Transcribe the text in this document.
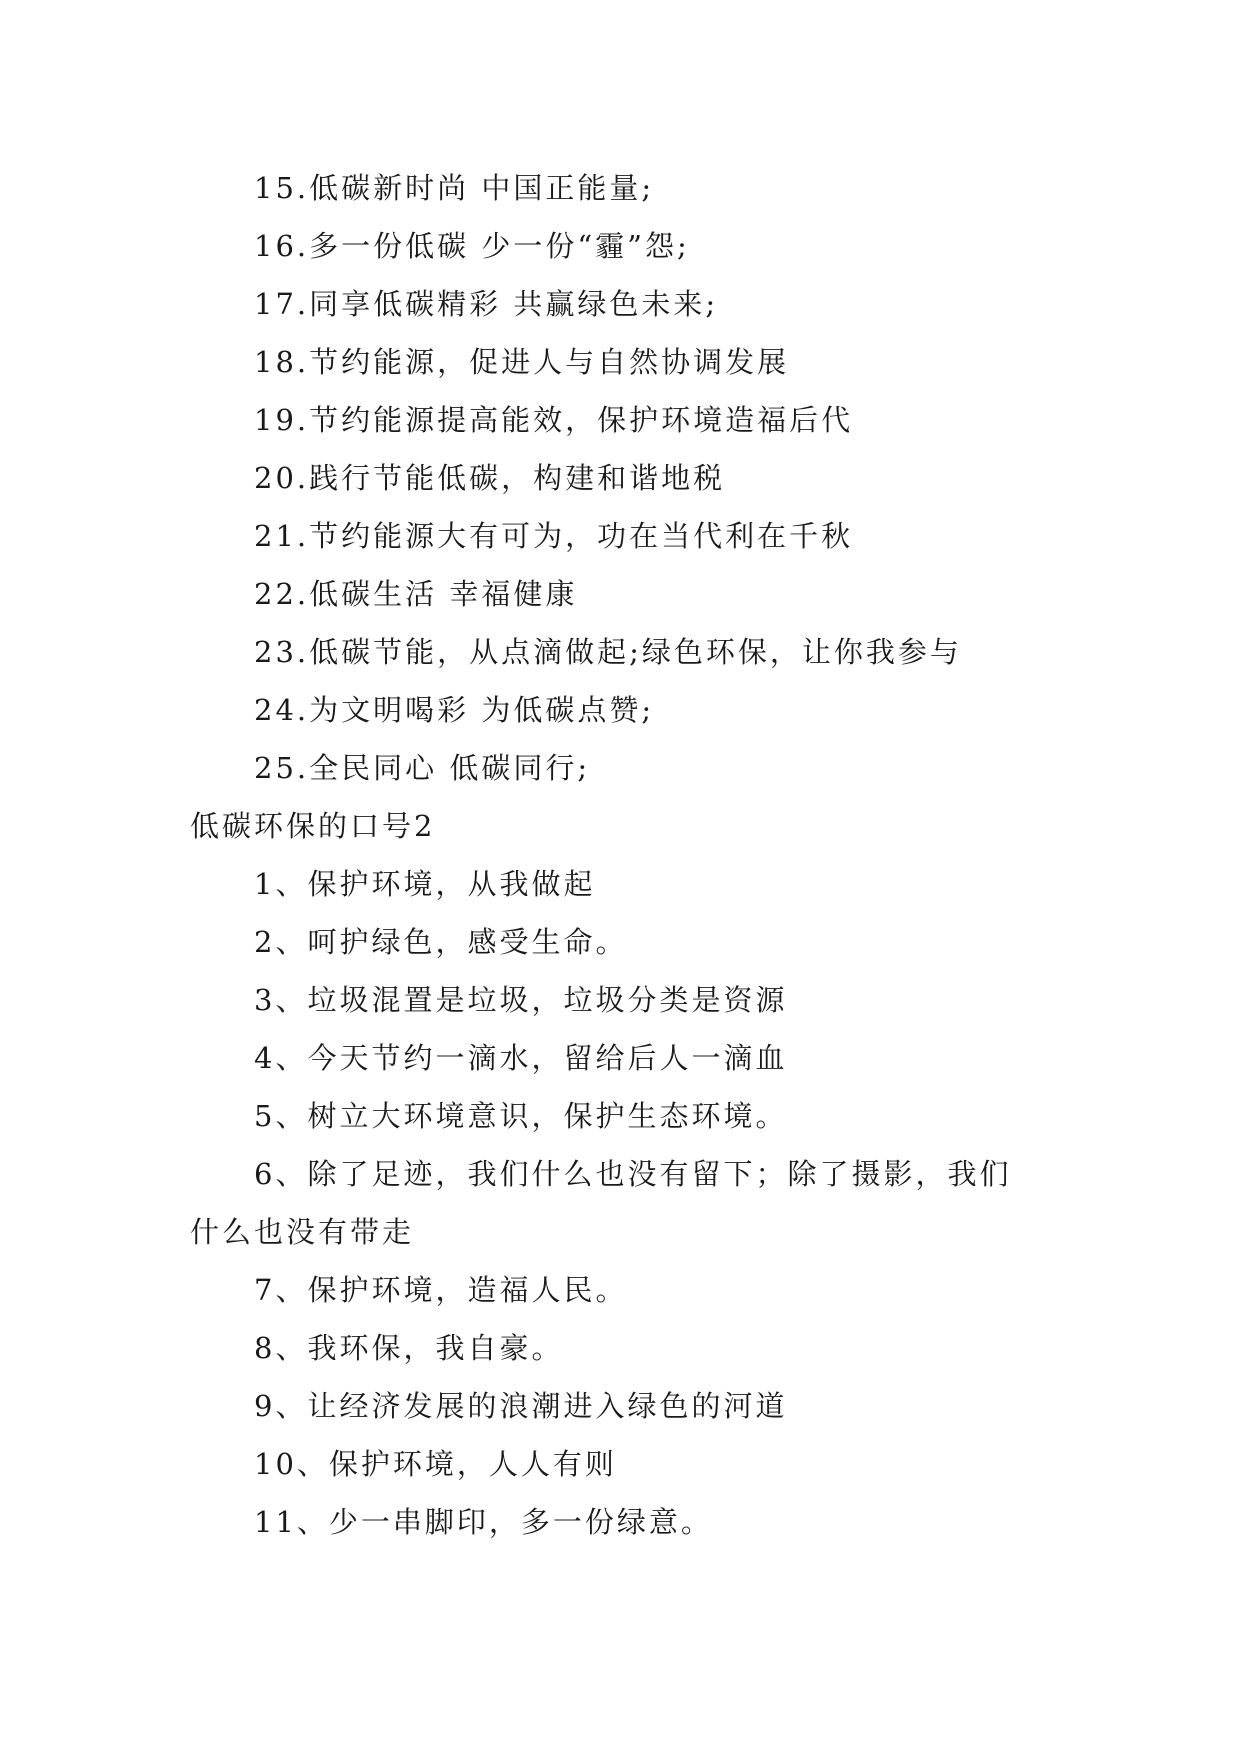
15.低碳新时尚 中国正能量;
16.多一份低碳 少一份“霾”怨;
17.同享低碳精彩 共赢绿色未来;
18.节约能源，促进人与自然协调发展
19.节约能源提高能效，保护环境造福后代
20.践行节能低碳，构建和谐地税
21.节约能源大有可为，功在当代利在千秋
22.低碳生活 幸福健康
23.低碳节能，从点滴做起;绿色环保，让你我参与
24.为文明喝彩 为低碳点赞;
25.全民同心 低碳同行;
低碳环保的口号2
1、保护环境，从我做起
2、呵护绿色，感受生命。
3、垃圾混置是垃圾，垃圾分类是资源
4、今天节约一滴水，留给后人一滴血
5、树立大环境意识，保护生态环境。
6、除了足迹，我们什么也没有留下；除了摄影，我们
什么也没有带走
7、保护环境，造福人民。
8、我环保，我自豪。
9、让经济发展的浪潮进入绿色的河道
10、保护环境，人人有则
11、少一串脚印，多一份绿意。
